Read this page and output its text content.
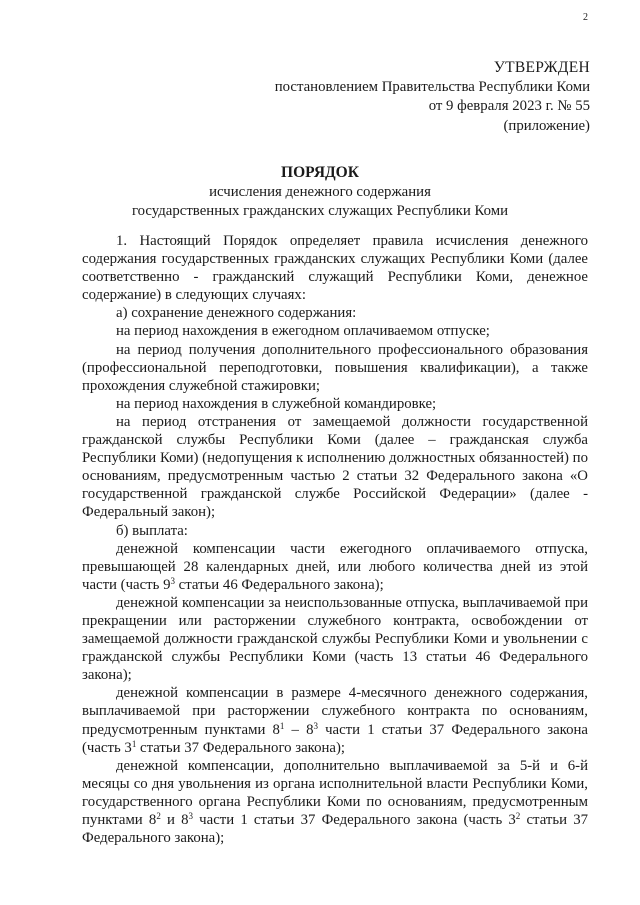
2
УТВЕРЖДЕН
постановлением Правительства Республики Коми
от 9 февраля 2023 г. № 55
(приложение)
ПОРЯДОК
исчисления денежного содержания
государственных гражданских служащих Республики Коми

1. Настоящий Порядок определяет правила исчисления денежного содержания государственных гражданских служащих Республики Коми (далее соответственно - гражданский служащий Республики Коми, денежное содержание) в следующих случаях:

а) сохранение денежного содержания:

на период нахождения в ежегодном оплачиваемом отпуске;

на период получения дополнительного профессионального образования (профессиональной переподготовки, повышения квалификации), а также прохождения служебной стажировки;

на период нахождения в служебной командировке;

на период отстранения от замещаемой должности государственной гражданской службы Республики Коми (далее – гражданская служба Республики Коми) (недопущения к исполнению должностных обязанностей) по основаниям, предусмотренным частью 2 статьи 32 Федерального закона «О государственной гражданской службе Российской Федерации» (далее - Федеральный закон);

б) выплата:

денежной компенсации части ежегодного оплачиваемого отпуска, превышающей 28 календарных дней, или любого количества дней из этой части (часть $9^3$ статьи 46 Федерального закона);

денежной компенсации за неиспользованные отпуска, выплачиваемой при прекращении или расторжении служебного контракта, освобождении от замещаемой должности гражданской службы Республики Коми и увольнении с гражданской службы Республики Коми (часть 13 статьи 46 Федерального закона);

денежной компенсации в размере 4-месячного денежного содержания, выплачиваемой при расторжении служебного контракта по основаниям, предусмотренным пунктами $8^1 - 8^3$ части 1 статьи 37 Федерального закона (часть $3^1$ статьи 37 Федерального закона);

денежной компенсации, дополнительно выплачиваемой за 5-й и 6-й месяцы со дня увольнения из органа исполнительной власти Республики Коми, государственного органа Республики Коми по основаниям, предусмотренным пунктами $8^2$ и $8^3$ части 1 статьи 37 Федерального закона (часть $3^2$ статьи 37 Федерального закона);
